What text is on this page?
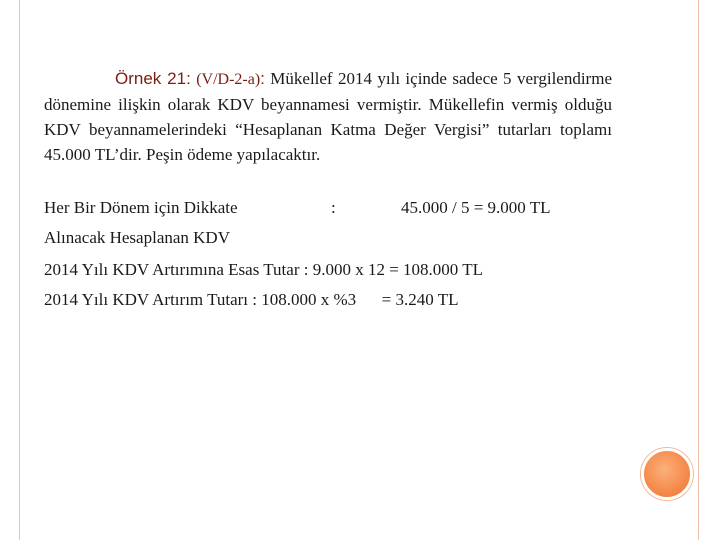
Örnek 21: (V/D-2-a): Mükellef 2014 yılı içinde sadece 5 vergilendirme dönemine ilişkin olarak KDV beyannamesi vermiştir. Mükellefin vermiş olduğu KDV beyannamelerindeki “Hesaplanan Katma Değer Vergisi” tutarları toplamı 45.000 TL’dir. Peşin ödeme yapılacaktır.

Her Bir Dönem için Dikkate
Alınacak Hesaplanan KDV
:	45.000 / 5 = 9.000 TL
2014 Yılı KDV Artırımına Esas Tutar : 9.000 x 12 = 108.000 TL
2014 Yılı KDV Artırım Tutarı : 108.000 x %3      = 3.240 TL
